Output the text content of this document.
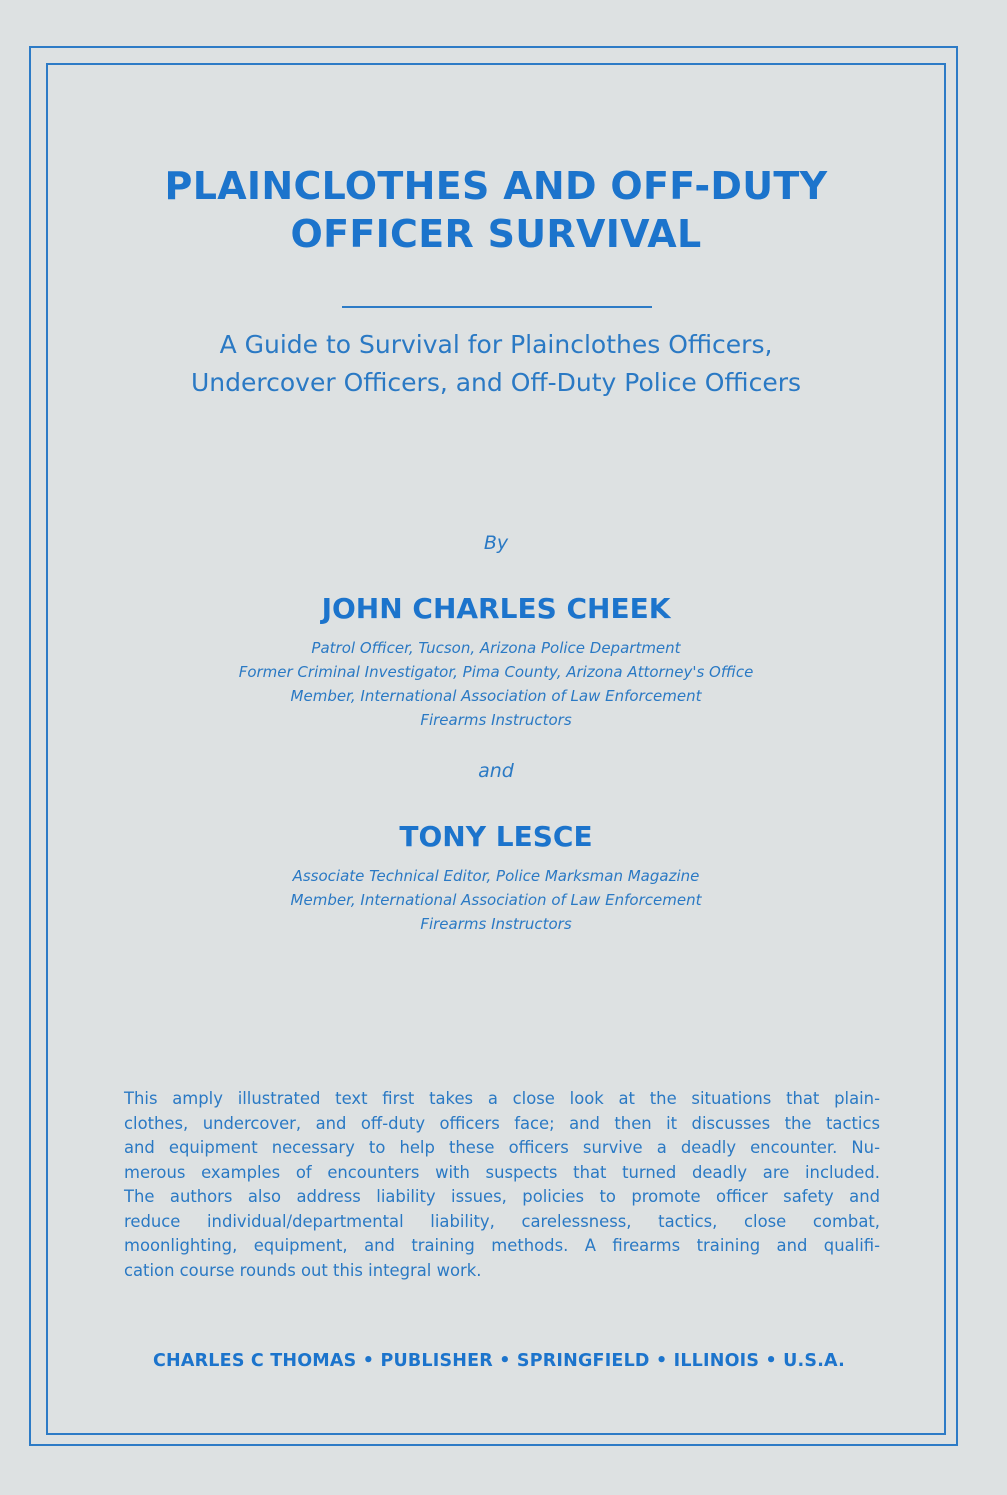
PLAINCLOTHES AND OFF-DUTY
OFFICER SURVIVAL
A Guide to Survival for Plainclothes Officers,
Undercover Officers, and Off-Duty Police Officers
By
JOHN CHARLES CHEEK
Patrol Officer, Tucson, Arizona Police Department
Former Criminal Investigator, Pima County, Arizona Attorney's Office
Member, International Association of Law Enforcement
Firearms Instructors
and
TONY LESCE
Associate Technical Editor, Police Marksman Magazine
Member, International Association of Law Enforcement
Firearms Instructors
This amply illustrated text first takes a close look at the situations that plain-
clothes, undercover, and off-duty officers face; and then it discusses the tactics
and equipment necessary to help these officers survive a deadly encounter. Nu-
merous examples of encounters with suspects that turned deadly are included.
The authors also address liability issues, policies to promote officer safety and
reduce individual/departmental liability, carelessness, tactics, close combat,
moonlighting, equipment, and training methods. A firearms training and qualifi-
cation course rounds out this integral work.
CHARLES C THOMAS • PUBLISHER • SPRINGFIELD • ILLINOIS • U.S.A.
